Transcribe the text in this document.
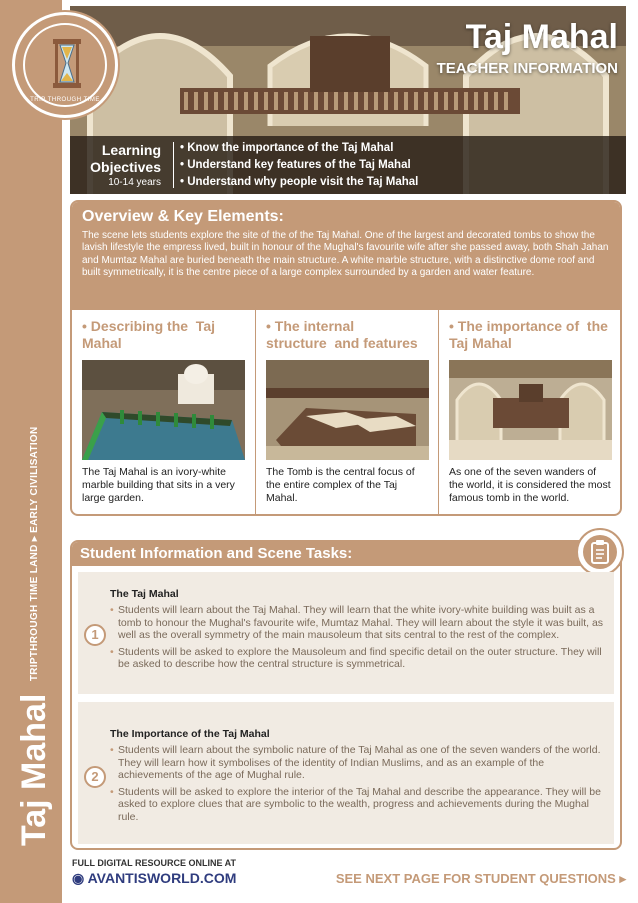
Taj Mahal TRIPTHROUGH TIME LAND ▸ EARLY CIVILISATION
TRIP THROUGH TIME
Taj Mahal
TEACHER INFORMATION
Learning
Objectives
10-14 years
• Know the importance of the Taj Mahal
• Understand key features of the Taj Mahal
• Understand why people visit the Taj Mahal
Overview & Key Elements:
The scene lets students explore the site of the of the Taj Mahal. One of the largest and decorated tombs to show the lavish lifestyle the empress lived, built in honour of the Mughal's favourite wife after she passed away, both Shah Jahan and Mumtaz Mahal are buried beneath the main structure. A white marble structure, with a distinctive dome roof and built symmetrically, it is the centre piece of a large complex surrounded by a garden and water feature.
• Describing the  Taj Mahal
The Taj Mahal is an ivory-white marble building that sits in a very large garden.
• The internal structure  and features
The Tomb is the central focus of the entire complex of the Taj Mahal.
• The importance of  the Taj Mahal
As one of the seven wanders of the world, it is considered the most famous tomb in the world.
Student Information and Scene Tasks:
1
The Taj Mahal
• Students will learn about the Taj Mahal. They will learn that the white ivory-white building was built as a tomb to honour the Mughal's favourite wife, Mumtaz Mahal. They will learn about the style it was built, as well as the overall symmetry of the main mausoleum that sits central to the rest of the complex.
• Students will be asked to explore the Mausoleum and find specific detail on the outer structure. They will be asked to describe how the central structure is symmetrical.
2
The Importance of the Taj Mahal
• Students will learn about the symbolic nature of the Taj Mahal as one of the seven wanders of the world. They will learn how it symbolises of the identity of Indian Muslims, and as an example of the achievements of the age of Mughal rule.
• Students will be asked to explore the interior of the Taj Mahal and describe the appearance. They will be asked to explore clues that are symbolic to the wealth, progress and achievements during the Mughal rule.
FULL DIGITAL RESOURCE ONLINE AT
◉ AVANTISWORLD.COM	SEE NEXT PAGE FOR STUDENT QUESTIONS ▸
